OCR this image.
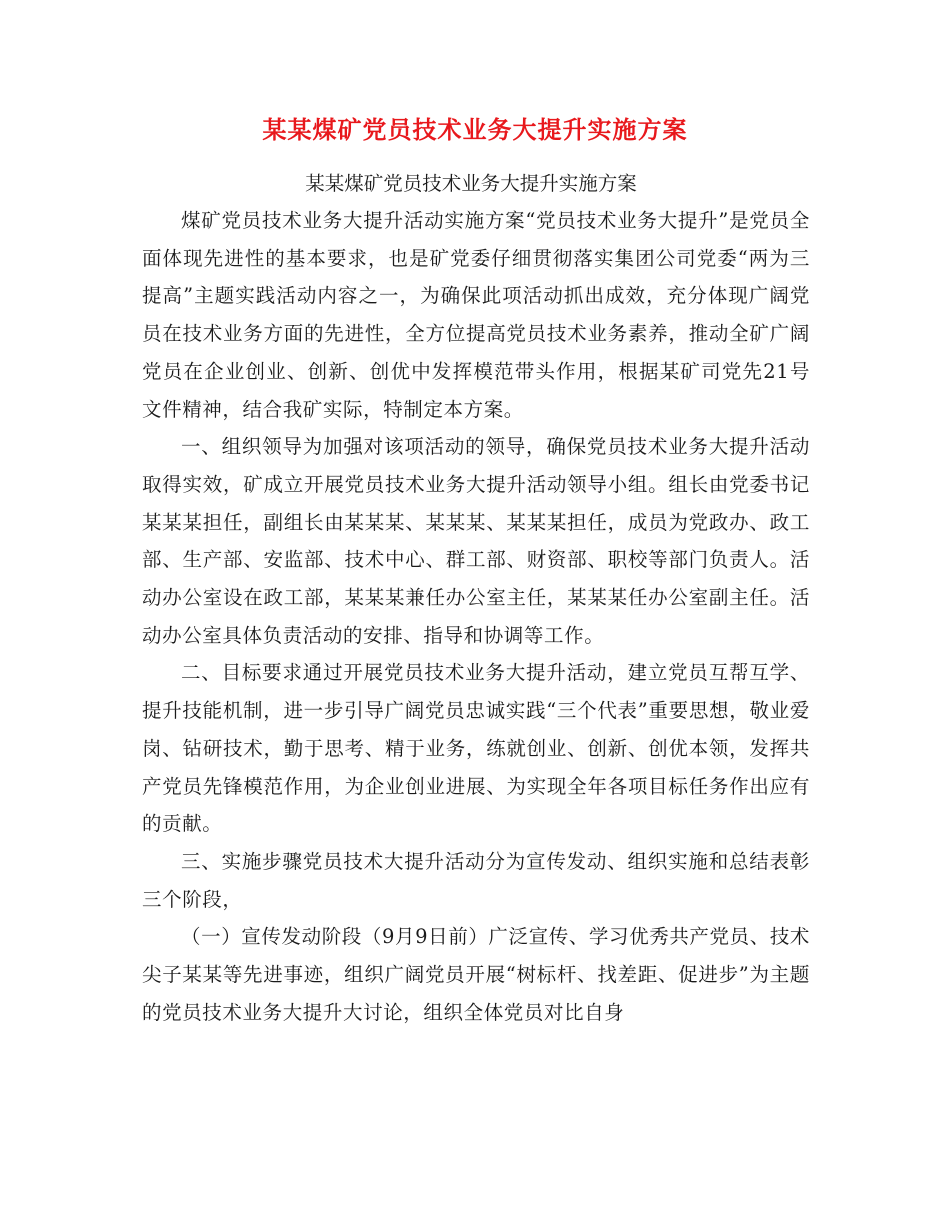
某某煤矿党员技术业务大提升实施方案

某某煤矿党员技术业务大提升实施方案

煤矿党员技术业务大提升活动实施方案“党员技术业务大提升”是党员全面体现先进性的基本要求，也是矿党委仔细贯彻落实集团公司党委“两为三提高”主题实践活动内容之一，为确保此项活动抓出成效，充分体现广阔党员在技术业务方面的先进性，全方位提高党员技术业务素养，推动全矿广阔党员在企业创业、创新、创优中发挥模范带头作用，根据某矿司党先21号文件精神，结合我矿实际，特制定本方案。

一、组织领导为加强对该项活动的领导，确保党员技术业务大提升活动取得实效，矿成立开展党员技术业务大提升活动领导小组。组长由党委书记某某某担任，副组长由某某某、某某某、某某某担任，成员为党政办、政工部、生产部、安监部、技术中心、群工部、财资部、职校等部门负责人。活动办公室设在政工部，某某某兼任办公室主任，某某某任办公室副主任。活动办公室具体负责活动的安排、指导和协调等工作。

二、目标要求通过开展党员技术业务大提升活动，建立党员互帮互学、提升技能机制，进一步引导广阔党员忠诚实践“三个代表”重要思想，敬业爱岗、钻研技术，勤于思考、精于业务，练就创业、创新、创优本领，发挥共产党员先锋模范作用，为企业创业进展、为实现全年各项目标任务作出应有的贡献。

三、实施步骤党员技术大提升活动分为宣传发动、组织实施和总结表彰三个阶段，

（一）宣传发动阶段（9月9日前）广泛宣传、学习优秀共产党员、技术尖子某某等先进事迹，组织广阔党员开展“树标杆、找差距、促进步”为主题的党员技术业务大提升大讨论，组织全体党员对比自身
